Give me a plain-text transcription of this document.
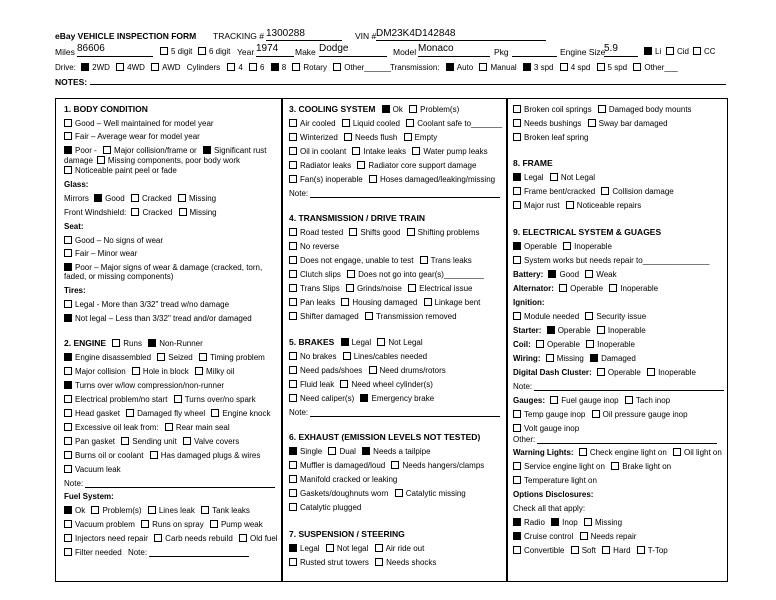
eBay VEHICLE INSPECTION FORM TRACKING # 1300288	VIN # DM23K4D142848
Miles 86606	5 digit	6 digit Year 1974	Make Dodge	Model Monaco	Pkg	Engine Size
5.9	Li	Cid	CC
Drive: 2WD 4WD AWD Cylinders 4 6 8 Rotary Other______ Transmission: Auto Manual 3 spd 4 spd 5 spd Other___
NOTES:
1. BODY CONDITION
Good – Well maintained for model year
Fair – Average wear for model year
Poor - Major collision/frame or Significant rust
damage Missing components, poor body work
Noticeable paint peel or fade
Glass:
Mirrors Good Cracked Missing
Front Windshield: Cracked Missing
Seat:
Good – No signs of wear
Fair – Minor wear
Poor – Major signs of wear & damage (cracked, torn,
faded, or missing components)
Tires:
Legal - More than 3/32" tread w/no damage
Not legal – Less than 3/32" tread and/or damaged
2. ENGINE Runs Non-Runner
Engine disassembled Seized Timing problem
Major collision Hole in block Milky oil
Turns over w/low compression/non-runner
Electrical problem/no start Turns over/no spark
Head gasket Damaged fly wheel Engine knock
Excessive oil leak from: Rear main seal
Pan gasket Sending unit Valve covers
Burns oil or coolant Has damaged plugs & wires
Vacuum leak
Note:
Fuel System:
Ok Problem(s) Lines leak Tank leaks
Vacuum problem Runs on spray Pump weak
Injectors need repair Carb needs rebuild Old fuel
Filter needed Note:
3. COOLING SYSTEM Ok Problem(s)
Air cooled Liquid cooled Coolant safe to_______
Winterized Needs flush Empty
Oil in coolant Intake leaks Water pump leaks
Radiator leaks Radiator core support damage
Fan(s) inoperable Hoses damaged/leaking/missing
Note:
4. TRANSMISSION / DRIVE TRAIN
Road tested Shifts good Shifting problems
No reverse
Does not engage, unable to test Trans leaks
Clutch slips Does not go into gear(s)_________
Trans Slips Grinds/noise Electrical issue
Pan leaks Housing damaged Linkage bent
Shifter damaged Transmission removed
5. BRAKES Legal Not Legal
No brakes Lines/cables needed
Need pads/shoes Need drums/rotors
Fluid leak Need wheel cylinder(s)
Need caliper(s) Emergency brake
Note:
6. EXHAUST (EMISSION LEVELS NOT TESTED)
Single Dual Needs a tailpipe
Muffler is damaged/loud Needs hangers/clamps
Manifold cracked or leaking
Gaskets/doughnuts worn Catalytic missing
Catalytic plugged
7. SUSPENSION / STEERING
Legal Not legal Air ride out
Rusted strut towers Needs shocks
Broken coil springs Damaged body mounts
Needs bushings Sway bar damaged
Broken leaf spring
8. FRAME
Legal Not Legal
Frame bent/cracked Collision damage
Major rust Noticeable repairs
9. ELECTRICAL SYSTEM & GUAGES
Operable Inoperable
System works but needs repair to_______________
Battery: Good Weak
Alternator: Operable Inoperable
Ignition:
Module needed Security issue
Starter: Operable Inoperable
Coil: Operable Inoperable
Wiring: Missing Damaged
Digital Dash Cluster: Operable Inoperable
Note:
Gauges: Fuel gauge inop Tach inop
Temp gauge inop Oil pressure gauge inop
Volt gauge inop
Other:
Warning Lights: Check engine light on Oil light on
Service engine light on Brake light on
Temperature light on
Options Disclosures:
Check all that apply:
Radio Inop Missing
Cruise control Needs repair
Convertible Soft Hard T-Top
